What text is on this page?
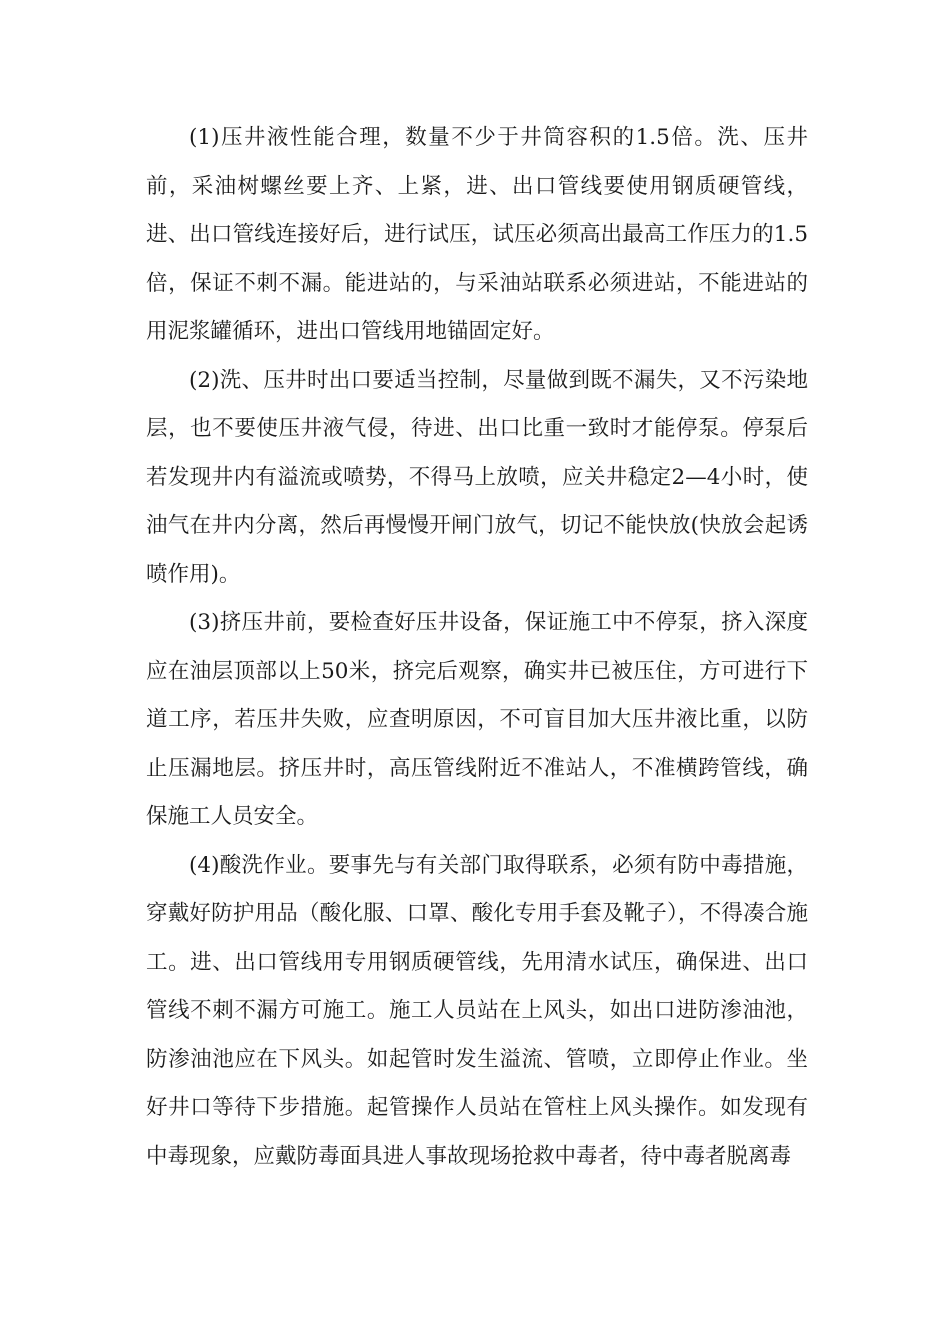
(1)压井液性能合理，数量不少于井筒容积的1.5倍。洗、压井前，采油树螺丝要上齐、上紧，进、出口管线要使用钢质硬管线，进、出口管线连接好后，进行试压，试压必须高出最高工作压力的1.5倍，保证不刺不漏。能进站的，与采油站联系必须进站，不能进站的用泥浆罐循环，进出口管线用地锚固定好。

(2)洗、压井时出口要适当控制，尽量做到既不漏失，又不污染地层，也不要使压井液气侵，待进、出口比重一致时才能停泵。停泵后若发现井内有溢流或喷势，不得马上放喷，应关井稳定2—4小时，使油气在井内分离，然后再慢慢开闸门放气，切记不能快放(快放会起诱喷作用)。

(3)挤压井前，要检查好压井设备，保证施工中不停泵，挤入深度应在油层顶部以上50米，挤完后观察，确实井已被压住，方可进行下道工序，若压井失败，应查明原因，不可盲目加大压井液比重，以防止压漏地层。挤压井时，高压管线附近不准站人，不准横跨管线，确保施工人员安全。

(4)酸洗作业。要事先与有关部门取得联系，必须有防中毒措施，穿戴好防护用品（酸化服、口罩、酸化专用手套及靴子），不得凑合施工。进、出口管线用专用钢质硬管线，先用清水试压，确保进、出口管线不刺不漏方可施工。施工人员站在上风头，如出口进防渗油池，防渗油池应在下风头。如起管时发生溢流、管喷，立即停止作业。坐好井口等待下步措施。起管操作人员站在管柱上风头操作。如发现有中毒现象，应戴防毒面具进人事故现场抢救中毒者，待中毒者脱离毒
